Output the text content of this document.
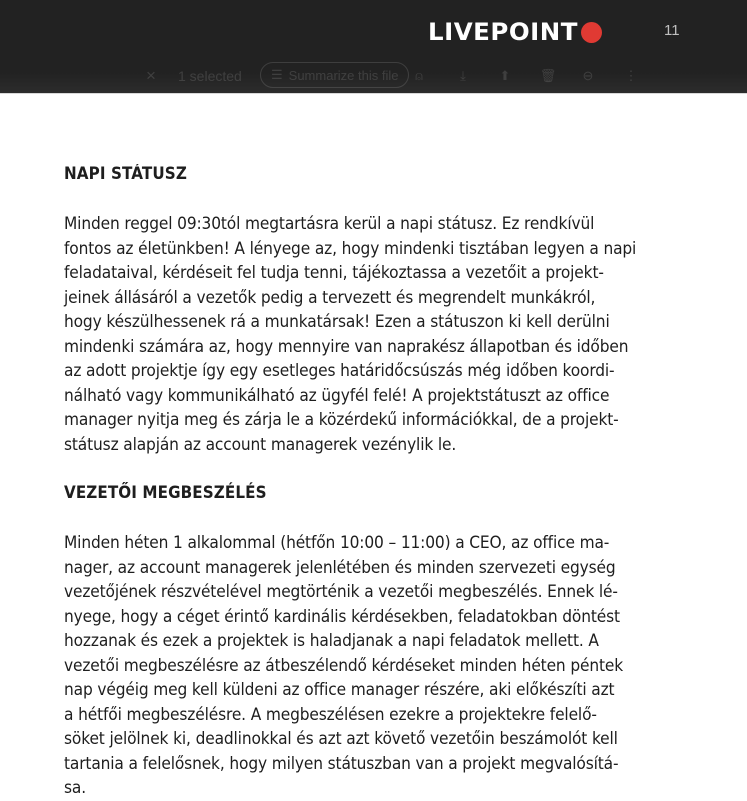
LIVEPOINT	11
× 1 selected ☰ Summarize this file	⍝	⤓	⬆ 🗑 ⊖ ⋮
NAPI STÁTUSZ

Minden reggel 09:30tól megtartásra kerül a napi státusz. Ez rendkívül
fontos az életünkben! A lényege az, hogy mindenki tisztában legyen a napi
feladataival, kérdéseit fel tudja tenni, tájékoztassa a vezetőit a projekt-
jeinek állásáról a vezetők pedig a tervezett és megrendelt munkákról,
hogy készülhessenek rá a munkatársak! Ezen a státuszon ki kell derülni
mindenki számára az, hogy mennyire van naprakész állapotban és időben
az adott projektje így egy esetleges határidőcsúszás még időben koordi-
nálható vagy kommunikálható az ügyfél felé! A projektstátuszt az office
manager nyitja meg és zárja le a közérdekű információkkal, de a projekt-
státusz alapján az account managerek vezénylik le.

VEZETŐI MEGBESZÉLÉS

Minden héten 1 alkalommal (hétfőn 10:00 – 11:00) a CEO, az office ma-
nager, az account managerek jelenlétében és minden szervezeti egység
vezetőjének részvételével megtörténik a vezetői megbeszélés. Ennek lé-
nyege, hogy a céget érintő kardinális kérdésekben, feladatokban döntést
hozzanak és ezek a projektek is haladjanak a napi feladatok mellett. A
vezetői megbeszélésre az átbeszélendő kérdéseket minden héten péntek
nap végéig meg kell küldeni az office manager részére, aki előkészíti azt
a hétfői megbeszélésre. A megbeszélésen ezekre a projektekre felelő-
söket jelölnek ki, deadlinokkal és azt azt követő vezetőin beszámolót kell
tartania a felelősnek, hogy milyen státuszban van a projekt megvalósítá-
sa.
